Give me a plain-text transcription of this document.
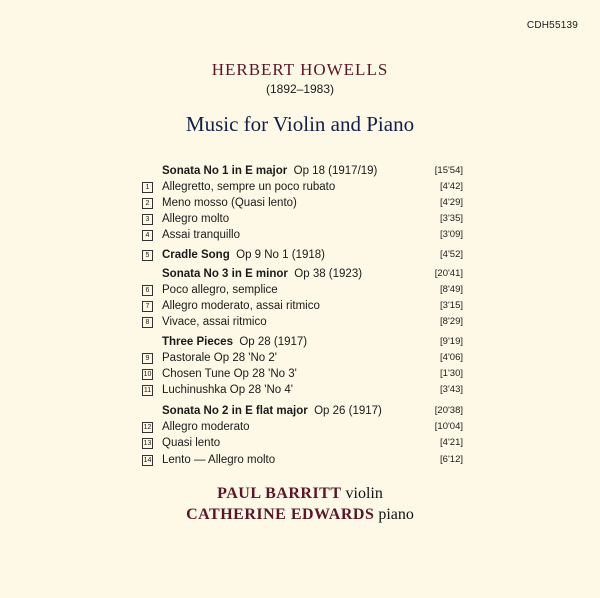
CDH55139
HERBERT HOWELLS
(1892–1983)
Music for Violin and Piano
Sonata No 1 in E major Op 18 (1917/19)	[15'54]
1	Allegretto, sempre un poco rubato	[4'42]
2	Meno mosso (Quasi lento)	[4'29]
3	Allegro molto	[3'35]
4	Assai tranquillo	[3'09]
5	Cradle Song Op 9 No 1 (1918)	[4'52]
Sonata No 3 in E minor Op 38 (1923)	[20'41]
6	Poco allegro, semplice	[8'49]
7	Allegro moderato, assai ritmico	[3'15]
8	Vivace, assai ritmico	[8'29]
Three Pieces Op 28 (1917)	[9'19]
9	Pastorale Op 28 'No 2'	[4'06]
10 Chosen Tune Op 28 'No 3'	[1'30]
11 Luchinushka Op 28 'No 4'	[3'43]
Sonata No 2 in E flat major Op 26 (1917)	[20'38]
12 Allegro moderato	[10'04]
13 Quasi lento	[4'21]
14 Lento — Allegro molto	[6'12]
PAUL BARRITT violin
CATHERINE EDWARDS piano
